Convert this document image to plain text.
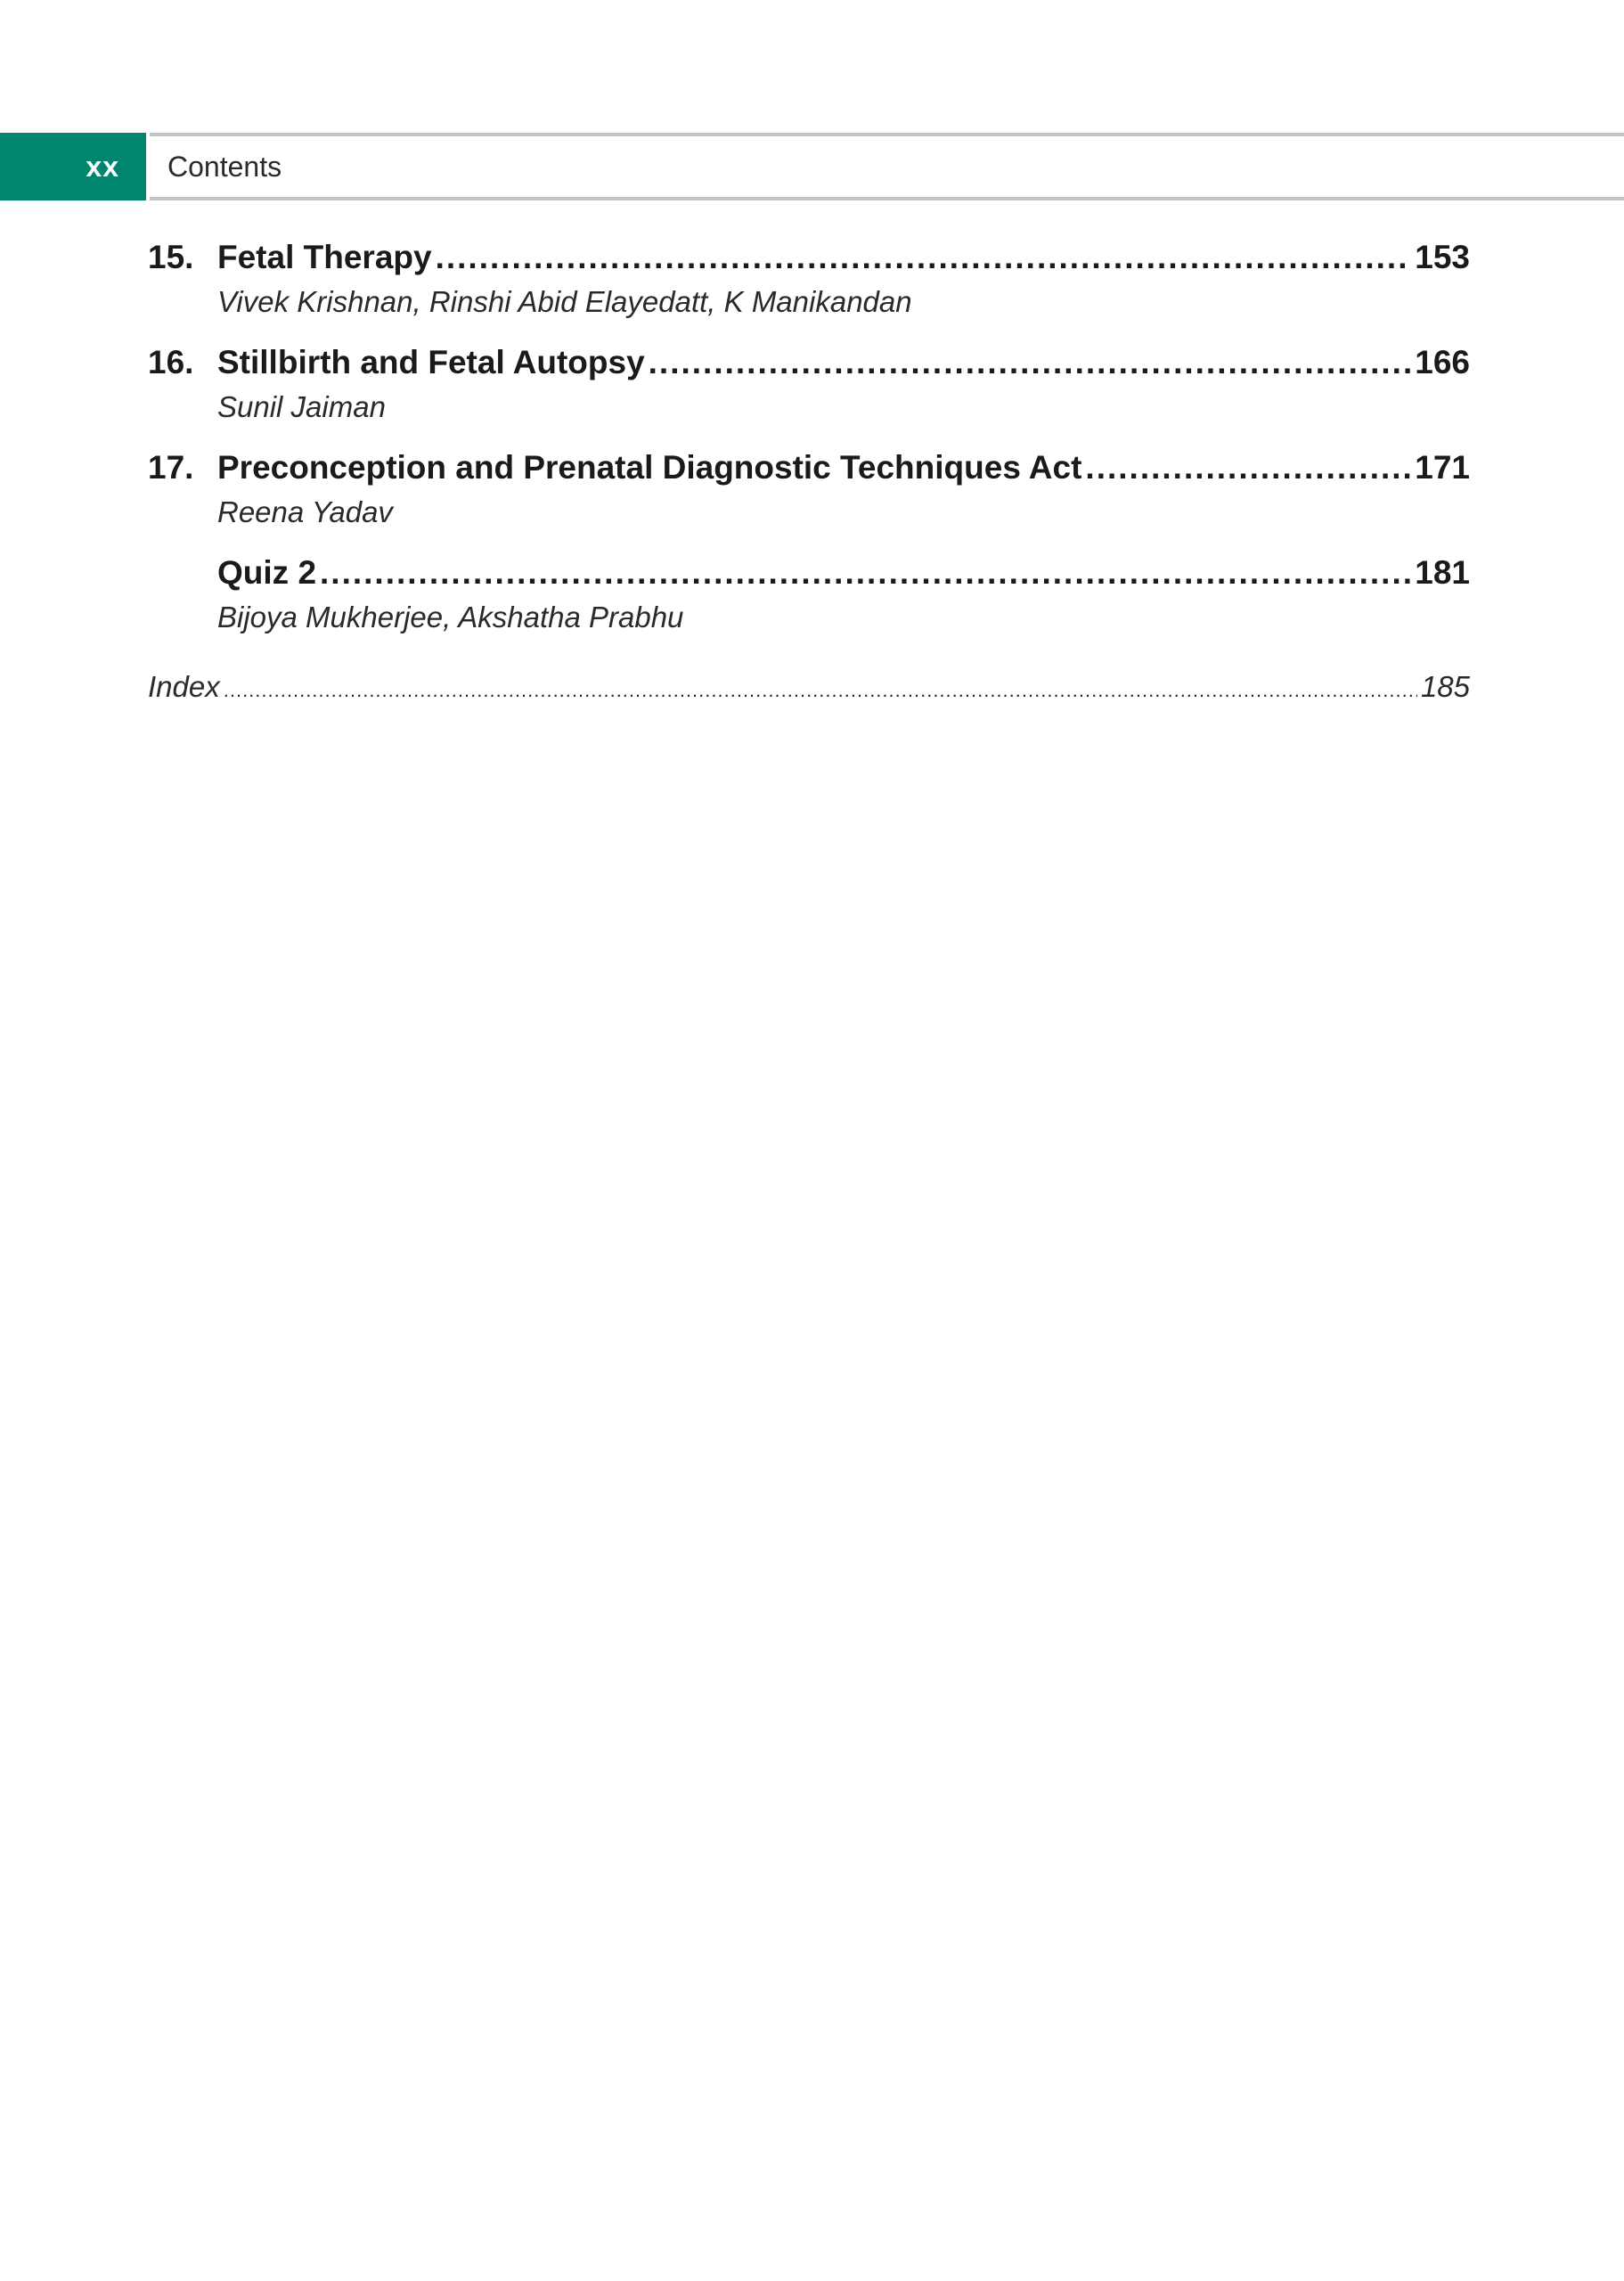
xx	Contents
15. Fetal Therapy .....	153
Vivek Krishnan, Rinshi Abid Elayedatt, K Manikandan
16. Stillbirth and Fetal Autopsy .....	166
Sunil Jaiman
17. Preconception and Prenatal Diagnostic Techniques Act .....	171
Reena Yadav
Quiz 2 .....	181
Bijoya Mukherjee, Akshatha Prabhu
Index .....	185
